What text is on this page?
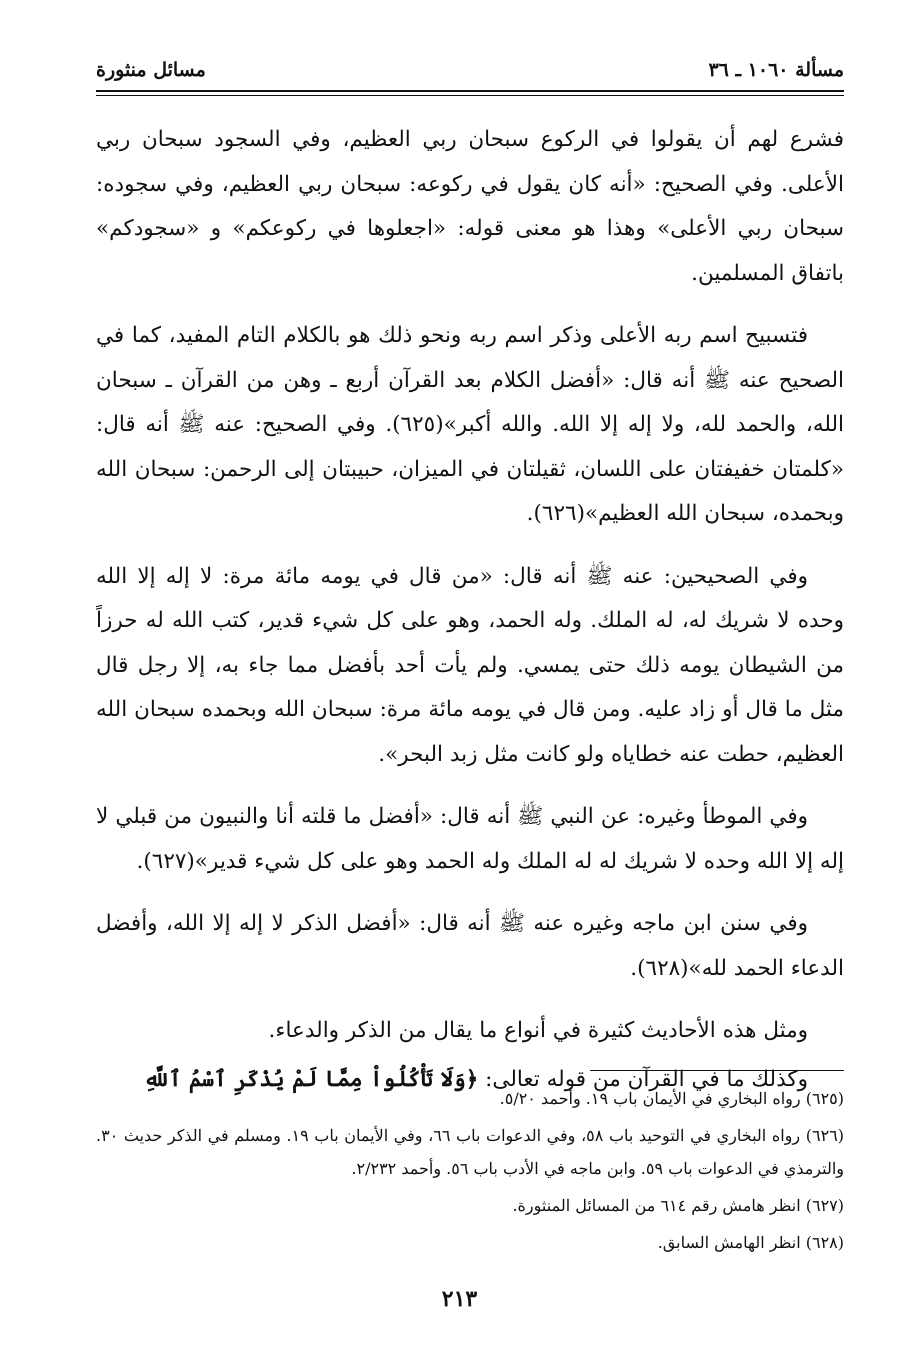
مسألة ١٠٦٠ ـ ٣٦
مسائل منثورة

فشرع لهم أن يقولوا في الركوع سبحان ربي العظيم، وفي السجود سبحان ربي الأعلى. وفي الصحيح: «أنه كان يقول في ركوعه: سبحان ربي العظيم، وفي سجوده: سبحان ربي الأعلى» وهذا هو معنى قوله: «اجعلوها في ركوعكم» و «سجودكم» باتفاق المسلمين.

فتسبيح اسم ربه الأعلى وذكر اسم ربه ونحو ذلك هو بالكلام التام المفيد، كما في الصحيح عنه ﷺ أنه قال: «أفضل الكلام بعد القرآن أربع ـ وهن من القرآن ـ سبحان الله، والحمد لله، ولا إله إلا الله. والله أكبر»(٦٢٥). وفي الصحيح: عنه ﷺ أنه قال: «كلمتان خفيفتان على اللسان، ثقيلتان في الميزان، حبيبتان إلى الرحمن: سبحان الله وبحمده، سبحان الله العظيم»(٦٢٦).

وفي الصحيحين: عنه ﷺ أنه قال: «من قال في يومه مائة مرة: لا إله إلا الله وحده لا شريك له، له الملك. وله الحمد، وهو على كل شيء قدير، كتب الله له حرزاً من الشيطان يومه ذلك حتى يمسي. ولم يأت أحد بأفضل مما جاء به، إلا رجل قال مثل ما قال أو زاد عليه. ومن قال في يومه مائة مرة: سبحان الله وبحمده سبحان الله العظيم، حطت عنه خطاياه ولو كانت مثل زبد البحر».

وفي الموطأ وغيره: عن النبي ﷺ أنه قال: «أفضل ما قلته أنا والنبيون من قبلي لا إله إلا الله وحده لا شريك له له الملك وله الحمد وهو على كل شيء قدير»(٦٢٧).

وفي سنن ابن ماجه وغيره عنه ﷺ أنه قال: «أفضل الذكر لا إله إلا الله، وأفضل الدعاء الحمد لله»(٦٢٨).

ومثل هذه الأحاديث كثيرة في أنواع ما يقال من الذكر والدعاء.

وكذلك ما في القرآن من قوله تعالى: ﴿وَلَا تَأْكُلُواْ مِمَّا لَمْ يُذْكَرِ ٱسْمُ ٱللَّهِ

(٦٢٥) رواه البخاري في الأيمان باب ١٩. وأحمد ٥/٢٠.

(٦٢٦) رواه البخاري في التوحيد باب ٥٨، وفي الدعوات باب ٦٦، وفي الأيمان باب ١٩. ومسلم في الذكر حديث ٣٠. والترمذي في الدعوات باب ٥٩. وابن ماجه في الأدب باب ٥٦. وأحمد ٢/٢٣٢.

(٦٢٧) انظر هامش رقم ٦١٤ من المسائل المنثورة.

(٦٢٨) انظر الهامش السابق.

٢١٣
